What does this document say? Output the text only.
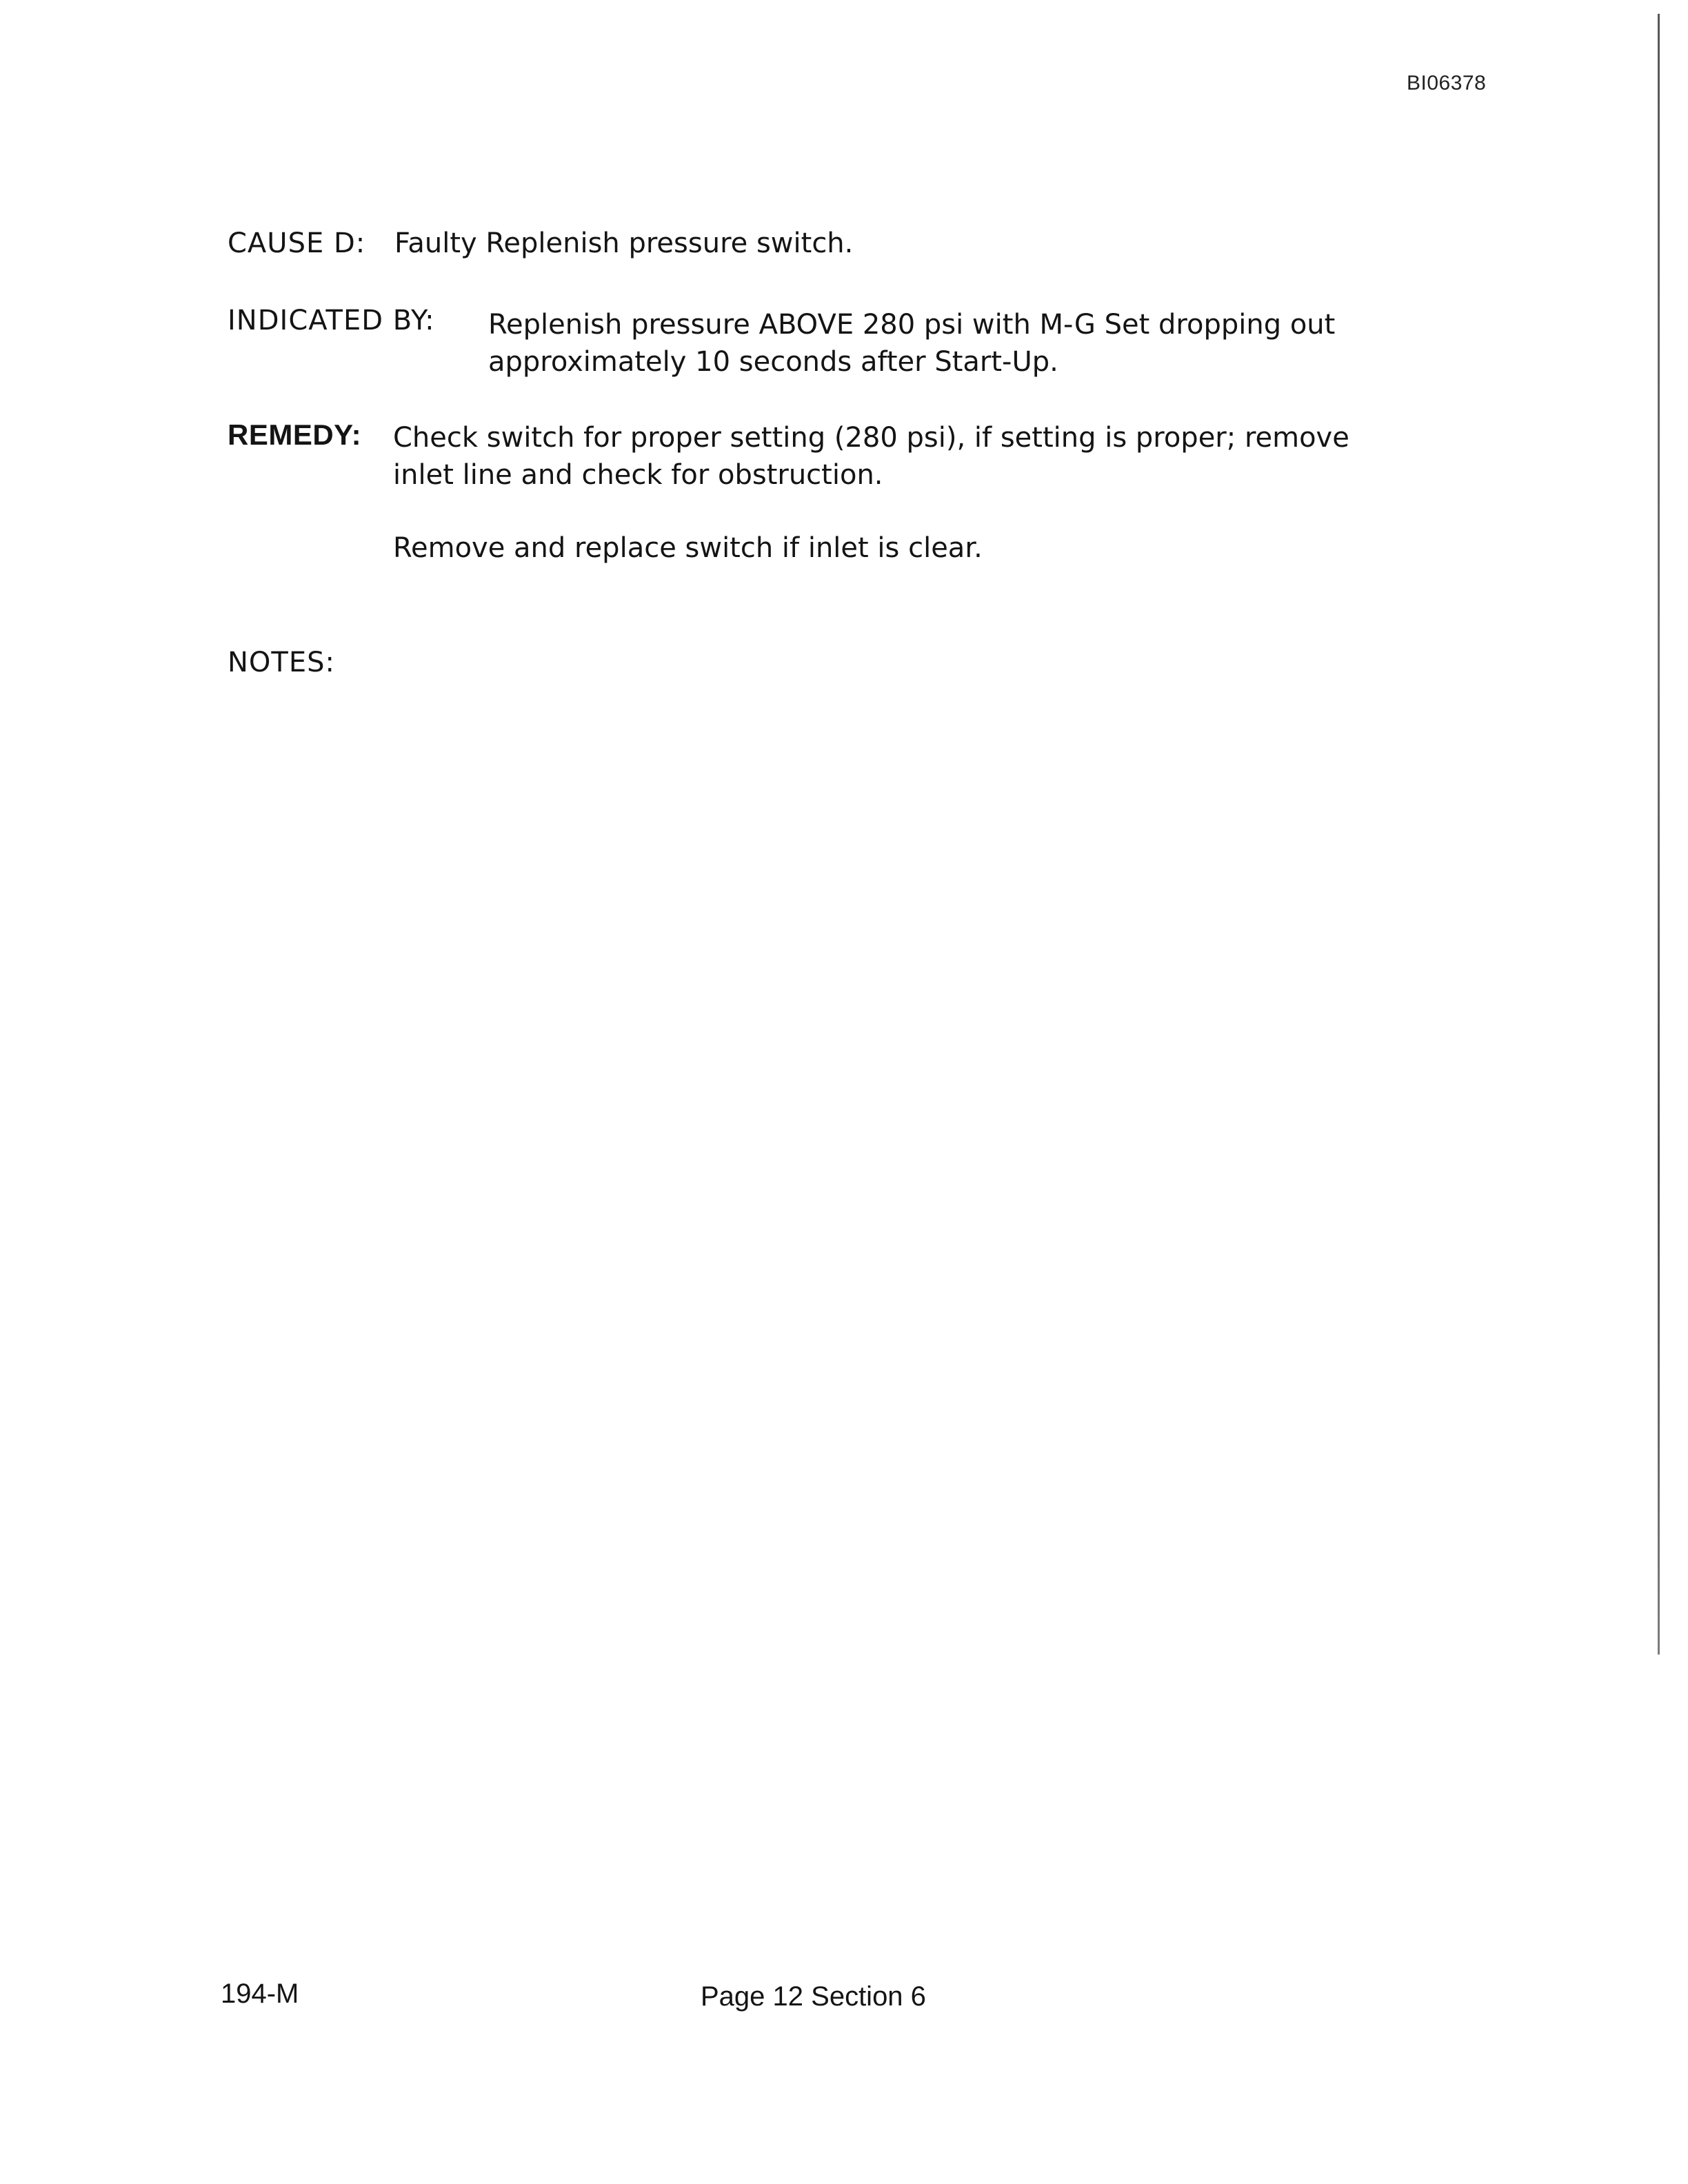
BI06378
CAUSE D: Faulty Replenish pressure switch.
INDICATED BY: Replenish pressure ABOVE 280 psi with M-G Set dropping out approximately 10 seconds after Start-Up.
REMEDY: Check switch for proper setting (280 psi), if setting is proper; remove inlet line and check for obstruction.
Remove and replace switch if inlet is clear.
NOTES:
194-M	Page 12 Section 6
